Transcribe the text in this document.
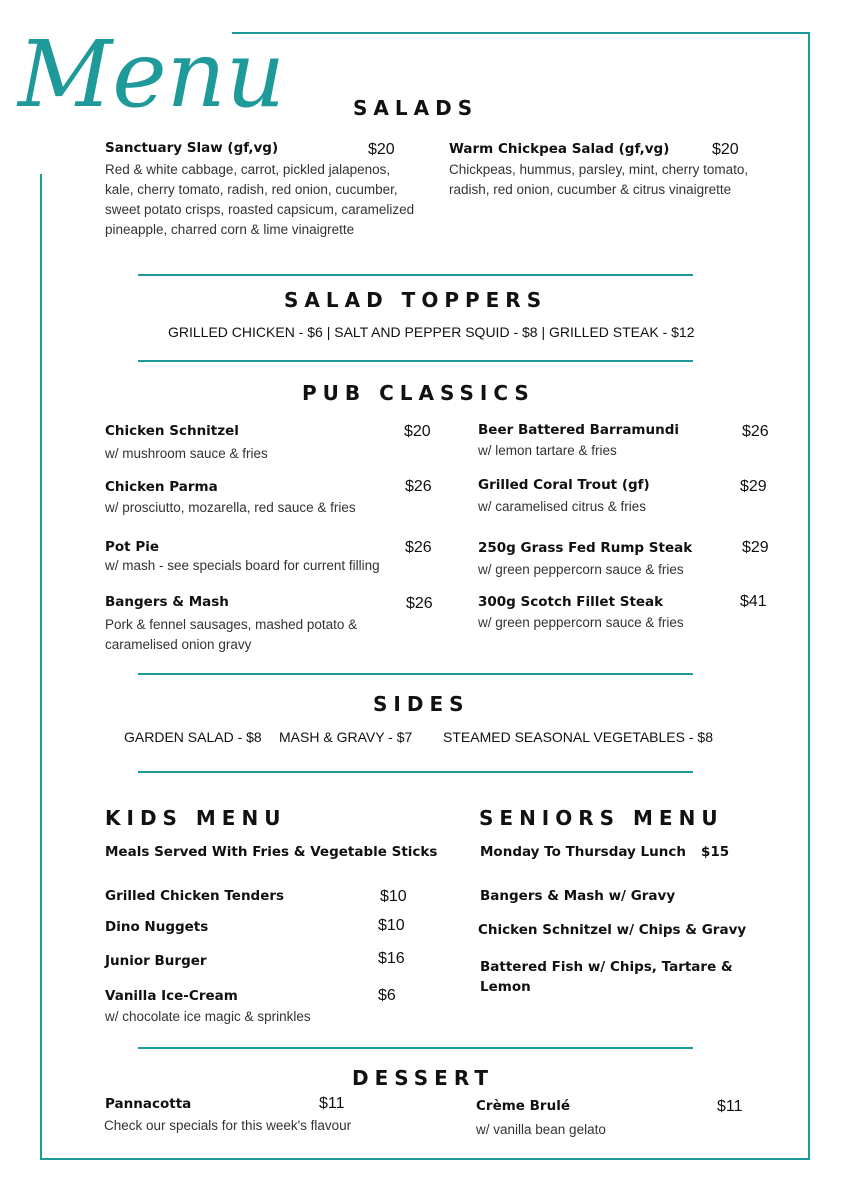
Menu	SALADS
Sanctuary Slaw (gf,vg)	$20
Red & white cabbage, carrot, pickled jalapenos, kale, cherry tomato, radish, red onion, cucumber, sweet potato crisps, roasted capsicum, caramelized pineapple, charred corn & lime vinaigrette
Warm Chickpea Salad (gf,vg)	$20
Chickpeas, hummus, parsley, mint, cherry tomato, radish, red onion, cucumber & citrus vinaigrette
SALAD TOPPERS
GRILLED CHICKEN - $6 | SALT AND PEPPER SQUID - $8 | GRILLED STEAK - $12
PUB CLASSICS
Chicken Schnitzel	$20
w/ mushroom sauce & fries
Chicken Parma	$26
w/ prosciutto, mozarella, red sauce & fries
Pot Pie	$26
w/ mash - see specials board for current filling
Bangers & Mash	$26
Pork & fennel sausages, mashed potato & caramelised onion gravy
Beer Battered Barramundi	$26
w/ lemon tartare & fries
Grilled Coral Trout (gf)	$29
w/ caramelised citrus & fries
250g Grass Fed Rump Steak	$29
w/ green peppercorn sauce & fries
300g Scotch Fillet Steak	$41
w/ green peppercorn sauce & fries
SIDES
GARDEN SALAD - $8 MASH & GRAVY - $7 STEAMED SEASONAL VEGETABLES - $8
KIDS MENU
Meals Served With Fries & Vegetable Sticks
Grilled Chicken Tenders	$10
Dino Nuggets	$10
Junior Burger	$16
Vanilla Ice-Cream	$6
w/ chocolate ice magic & sprinkles
SENIORS MENU
Monday To Thursday Lunch $15
Bangers & Mash w/ Gravy
Chicken Schnitzel w/ Chips & Gravy
Battered Fish w/ Chips, Tartare & Lemon
DESSERT
Pannacotta	$11
Check our specials for this week's flavour
Crème Brulé	$11
w/ vanilla bean gelato
